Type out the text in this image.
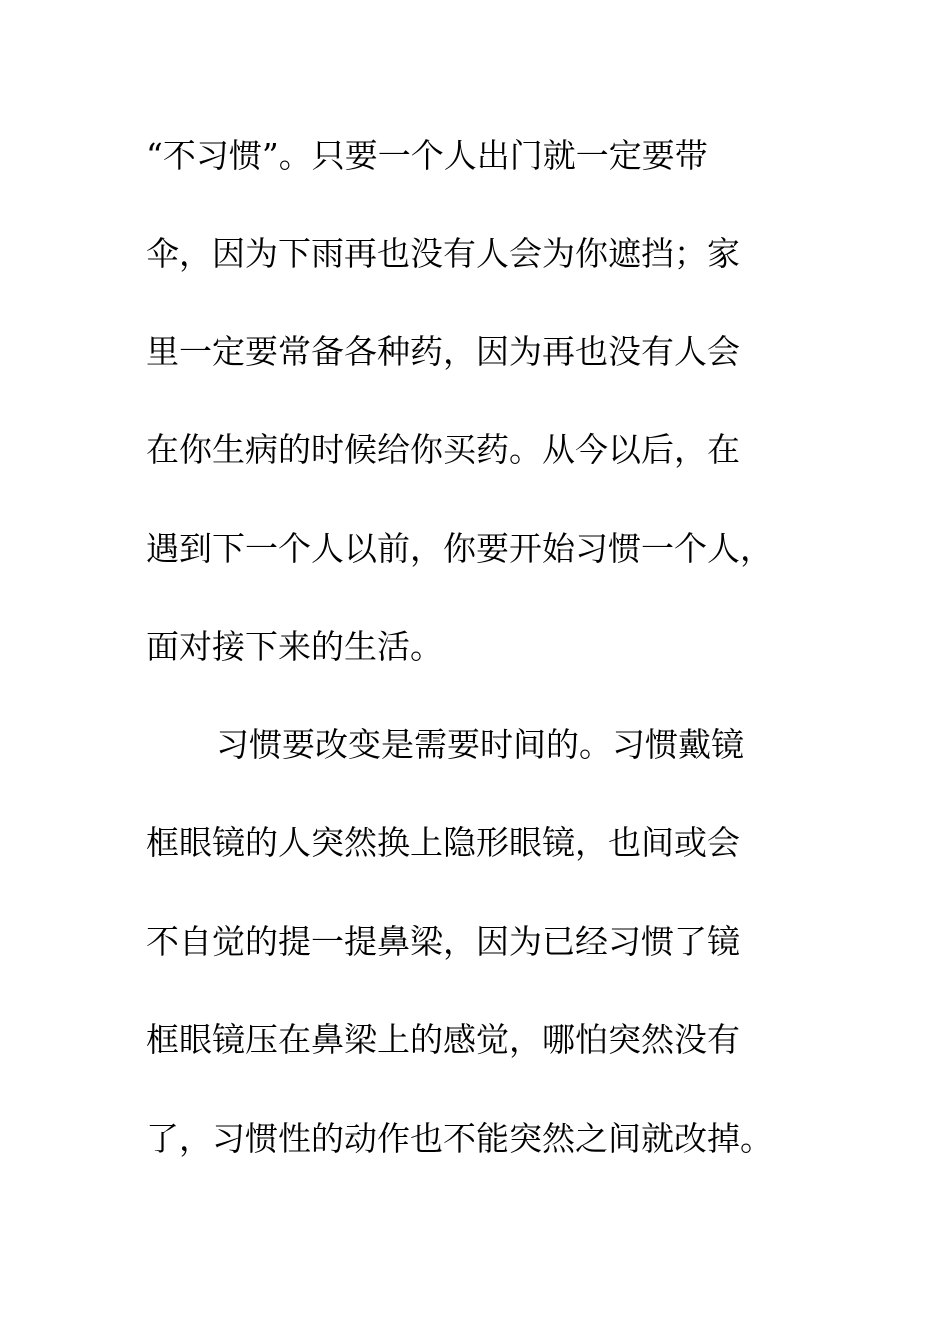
“不习惯”。只要一个人出门就一定要带
伞，因为下雨再也没有人会为你遮挡；家
里一定要常备各种药，因为再也没有人会
在你生病的时候给你买药。从今以后，在
遇到下一个人以前，你要开始习惯一个人，
面对接下来的生活。
习惯要改变是需要时间的。习惯戴镜
框眼镜的人突然换上隐形眼镜，也间或会
不自觉的提一提鼻梁，因为已经习惯了镜
框眼镜压在鼻梁上的感觉，哪怕突然没有
了，习惯性的动作也不能突然之间就改掉。
